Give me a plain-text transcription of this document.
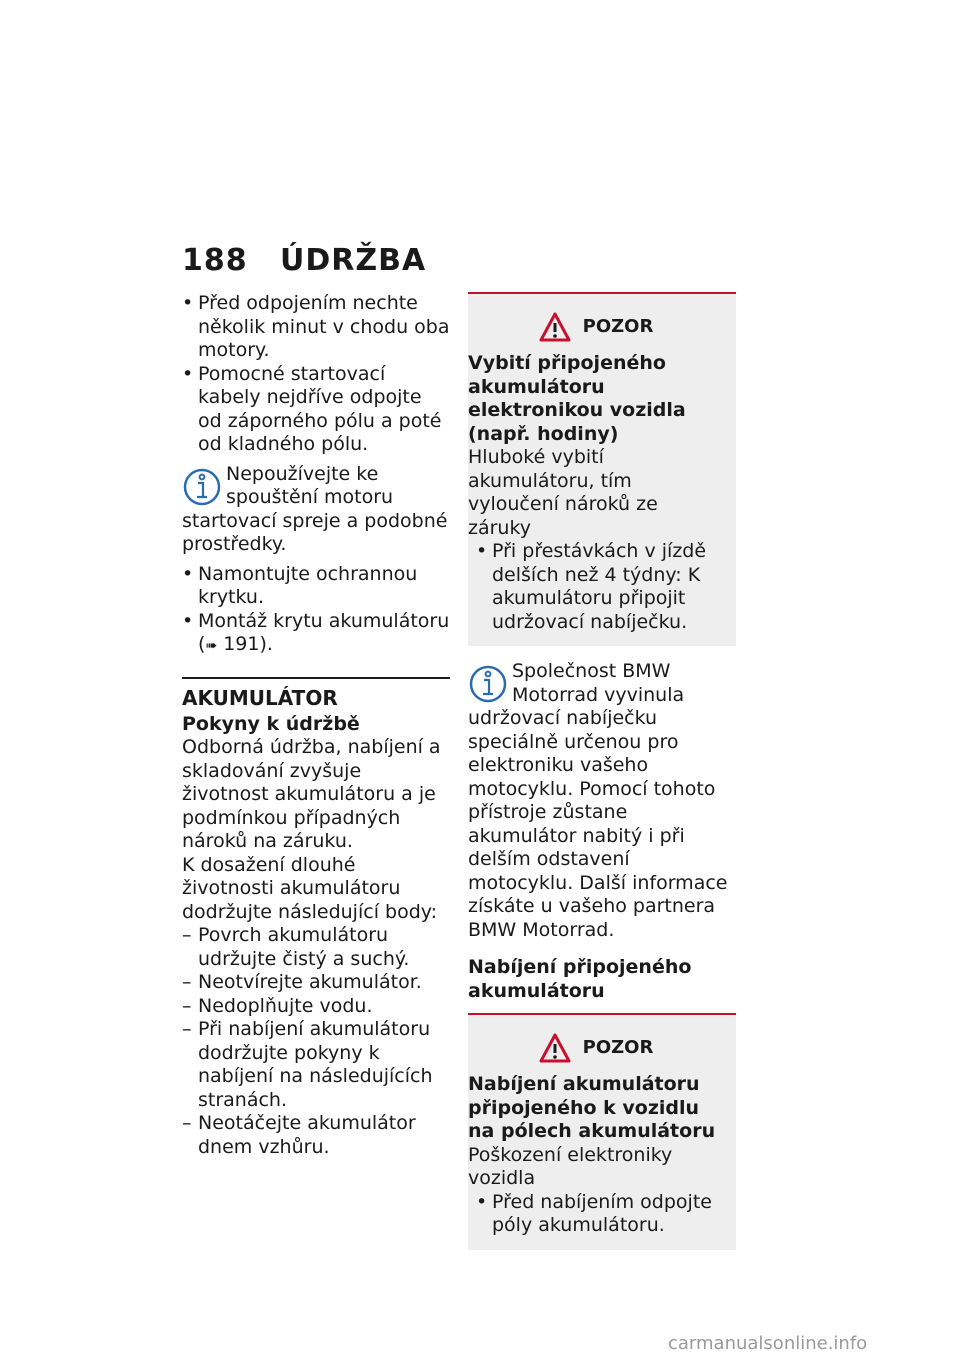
188 ÚDRŽBA

• Před odpojením nechte několik minut v chodu oba motory.

• Pomocné startovací kabely nejdříve odpojte od záporného pólu a poté od kladného pólu.

Nepoužívejte ke spouštění motoru startovací spreje a podobné prostředky.

• Namontujte ochrannou krytku.

• Montáž krytu akumulátoru

(➠ 191).

AKUMULÁTOR

Pokyny k údržbě

Odborná údržba, nabíjení a skladování zvyšuje životnost akumulátoru a je podmínkou případných nároků na záruku.

K dosažení dlouhé životnosti akumulátoru dodržujte následující body:

– Povrch akumulátoru udržujte čistý a suchý.

– Neotvírejte akumulátor.

– Nedoplňujte vodu.

– Při nabíjení akumulátoru dodržujte pokyny k nabíjení na následujících stranách.

– Neotáčejte akumulátor dnem vzhůru.

POZOR

Vybití připojeného akumulátoru elektronikou vozidla (např. hodiny)

Hluboké vybití akumulátoru, tím vyloučení nároků ze záruky

• Při přestávkách v jízdě delších než 4 týdny: K akumulátoru připojit udržovací nabíječku.

Společnost BMW Motorrad vyvinula udržovací nabíječku speciálně určenou pro elektroniku vašeho motocyklu. Pomocí tohoto přístroje zůstane akumulátor nabitý i při delším odstavení motocyklu. Další informace získáte u vašeho partnera BMW Motorrad.

Nabíjení připojeného akumulátoru

POZOR

Nabíjení akumulátoru připojeného k vozidlu na pólech akumulátoru

Poškození elektroniky vozidla

• Před nabíjením odpojte póly akumulátoru.

carmanualsonline.info
